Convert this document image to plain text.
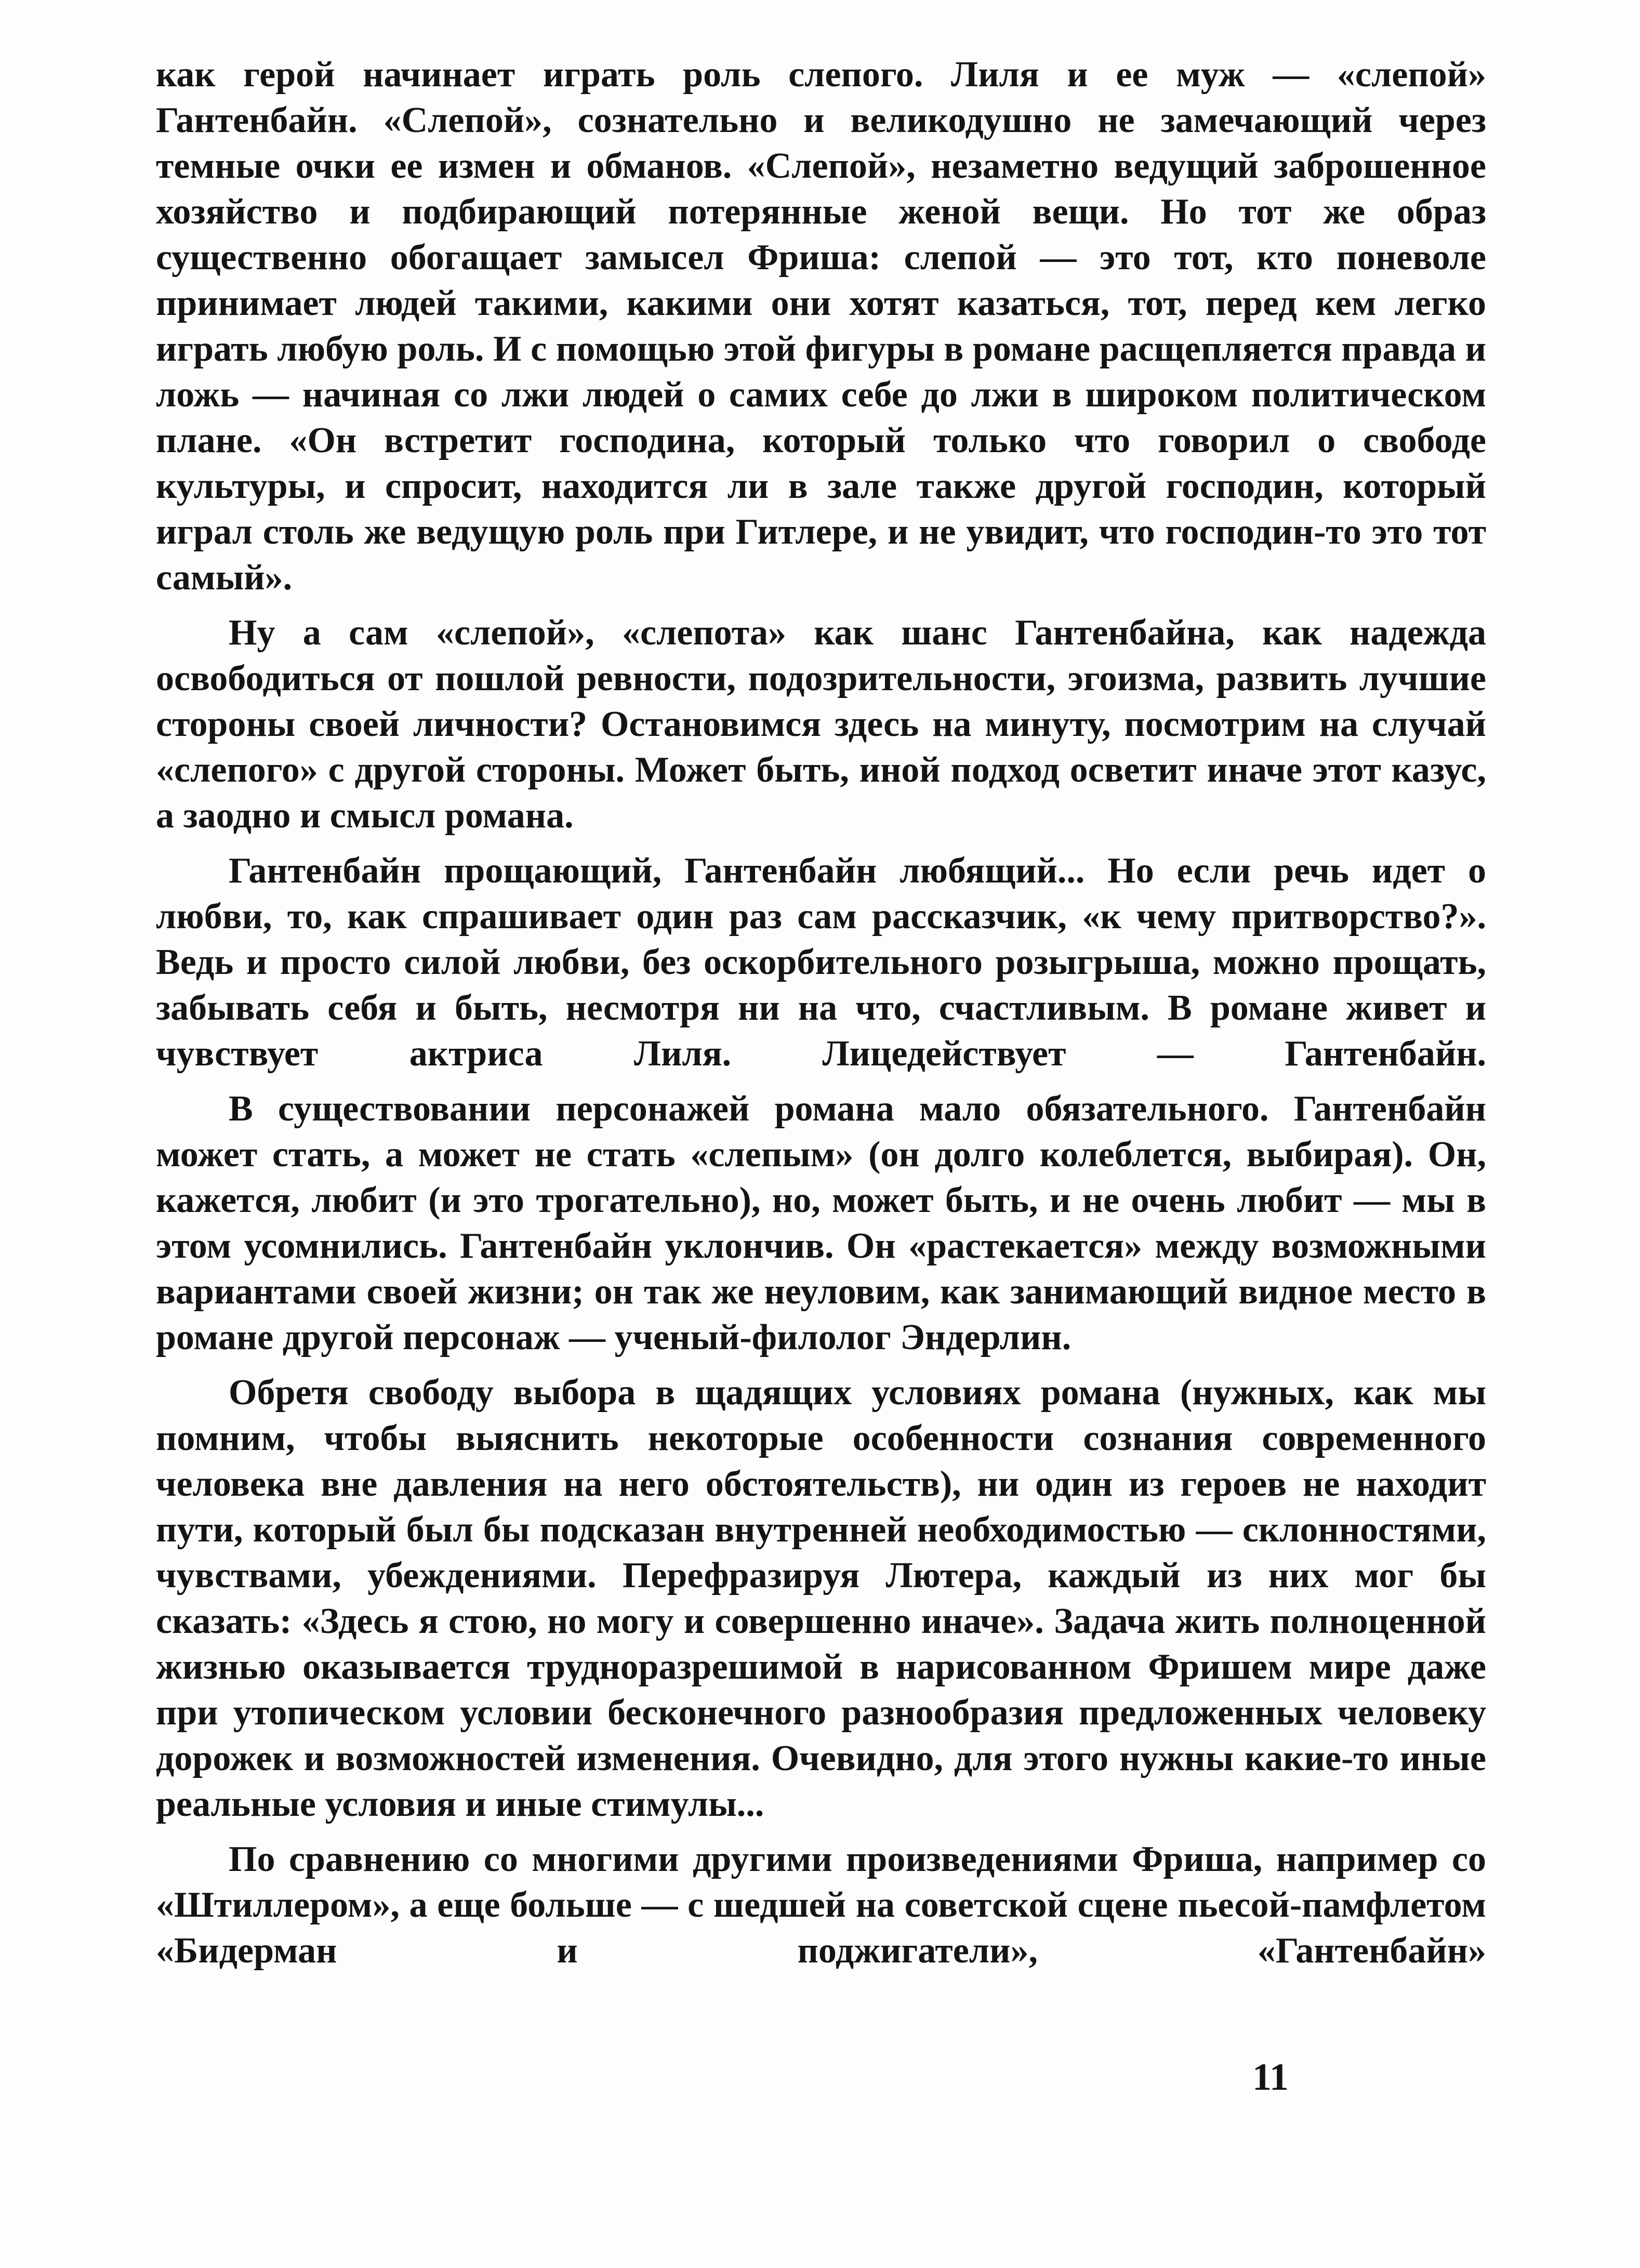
как герой начинает играть роль слепого. Лиля и ее муж — «слепой» Гантенбайн. «Слепой», сознательно и великодушно не замечающий через темные очки ее измен и обманов. «Слепой», незаметно ведущий заброшенное хозяйство и подбирающий потерянные женой вещи. Но тот же образ существенно обогащает замысел Фриша: слепой — это тот, кто поневоле принимает людей такими, какими они хотят казаться, тот, перед кем легко играть любую роль. И с помощью этой фигуры в романе расщепляется правда и ложь — начиная со лжи людей о самих себе до лжи в широком политическом плане. «Он встретит господина, который только что говорил о свободе культуры, и спросит, находится ли в зале также другой господин, который играл столь же ведущую роль при Гитлере, и не увидит, что господин-то это тот самый».

Ну а сам «слепой», «слепота» как шанс Гантенбайна, как надежда освободиться от пошлой ревности, подозрительности, эгоизма, развить лучшие стороны своей личности? Остановимся здесь на минуту, посмотрим на случай «слепого» с другой стороны. Может быть, иной подход осветит иначе этот казус, а заодно и смысл романа.

Гантенбайн прощающий, Гантенбайн любящий... Но если речь идет о любви, то, как спрашивает один раз сам рассказчик, «к чему притворство?». Ведь и просто силой любви, без оскорбительного розыгрыша, можно прощать, забывать себя и быть, несмотря ни на что, счастливым. В романе живет и чувствует актриса Лиля. Лицедействует — Гантенбайн.

В существовании персонажей романа мало обязательного. Гантенбайн может стать, а может не стать «слепым» (он долго колеблется, выбирая). Он, кажется, любит (и это трогательно), но, может быть, и не очень любит — мы в этом усомнились. Гантенбайн уклончив. Он «растекается» между возможными вариантами своей жизни; он так же неуловим, как занимающий видное место в романе другой персонаж — ученый-филолог Эндерлин.

Обретя свободу выбора в щадящих условиях романа (нужных, как мы помним, чтобы выяснить некоторые особенности сознания современного человека вне давления на него обстоятельств), ни один из героев не находит пути, который был бы подсказан внутренней необходимостью — склонностями, чувствами, убеждениями. Перефразируя Лютера, каждый из них мог бы сказать: «Здесь я стою, но могу и совершенно иначе». Задача жить полноценной жизнью оказывается трудноразрешимой в нарисованном Фришем мире даже при утопическом условии бесконечного разнообразия предложенных человеку дорожек и возможностей изменения. Очевидно, для этого нужны какие-то иные реальные условия и иные стимулы...

По сравнению со многими другими произведениями Фриша, например со «Штиллером», а еще больше — с шедшей на советской сцене пьесой-памфлетом «Бидерман и поджигатели», «Гантенбайн»

11
